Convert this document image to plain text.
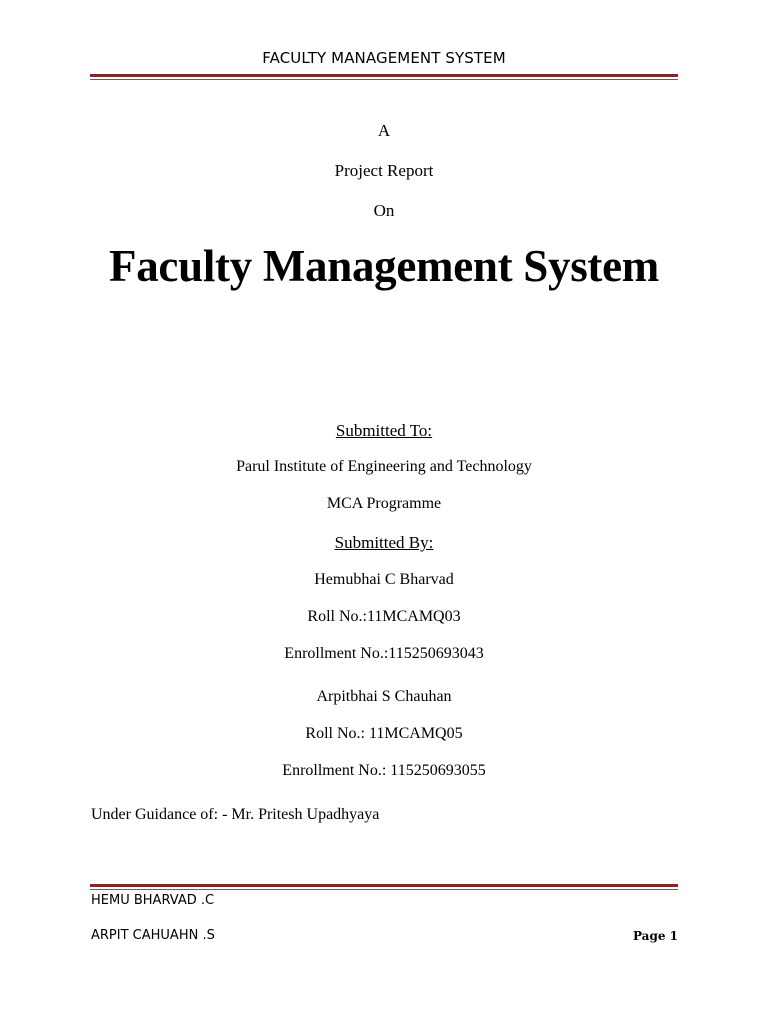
FACULTY MANAGEMENT SYSTEM
A
Project Report
On
Faculty Management System
Submitted To:
Parul Institute of Engineering and Technology
MCA Programme
Submitted By:
Hemubhai C Bharvad
Roll No.:11MCAMQ03
Enrollment No.:115250693043
Arpitbhai S Chauhan
Roll No.: 11MCAMQ05
Enrollment No.: 115250693055
Under Guidance of: - Mr. Pritesh Upadhyaya
HEMU BHARVAD .C
ARPIT CAHUAHN .S	Page 1
